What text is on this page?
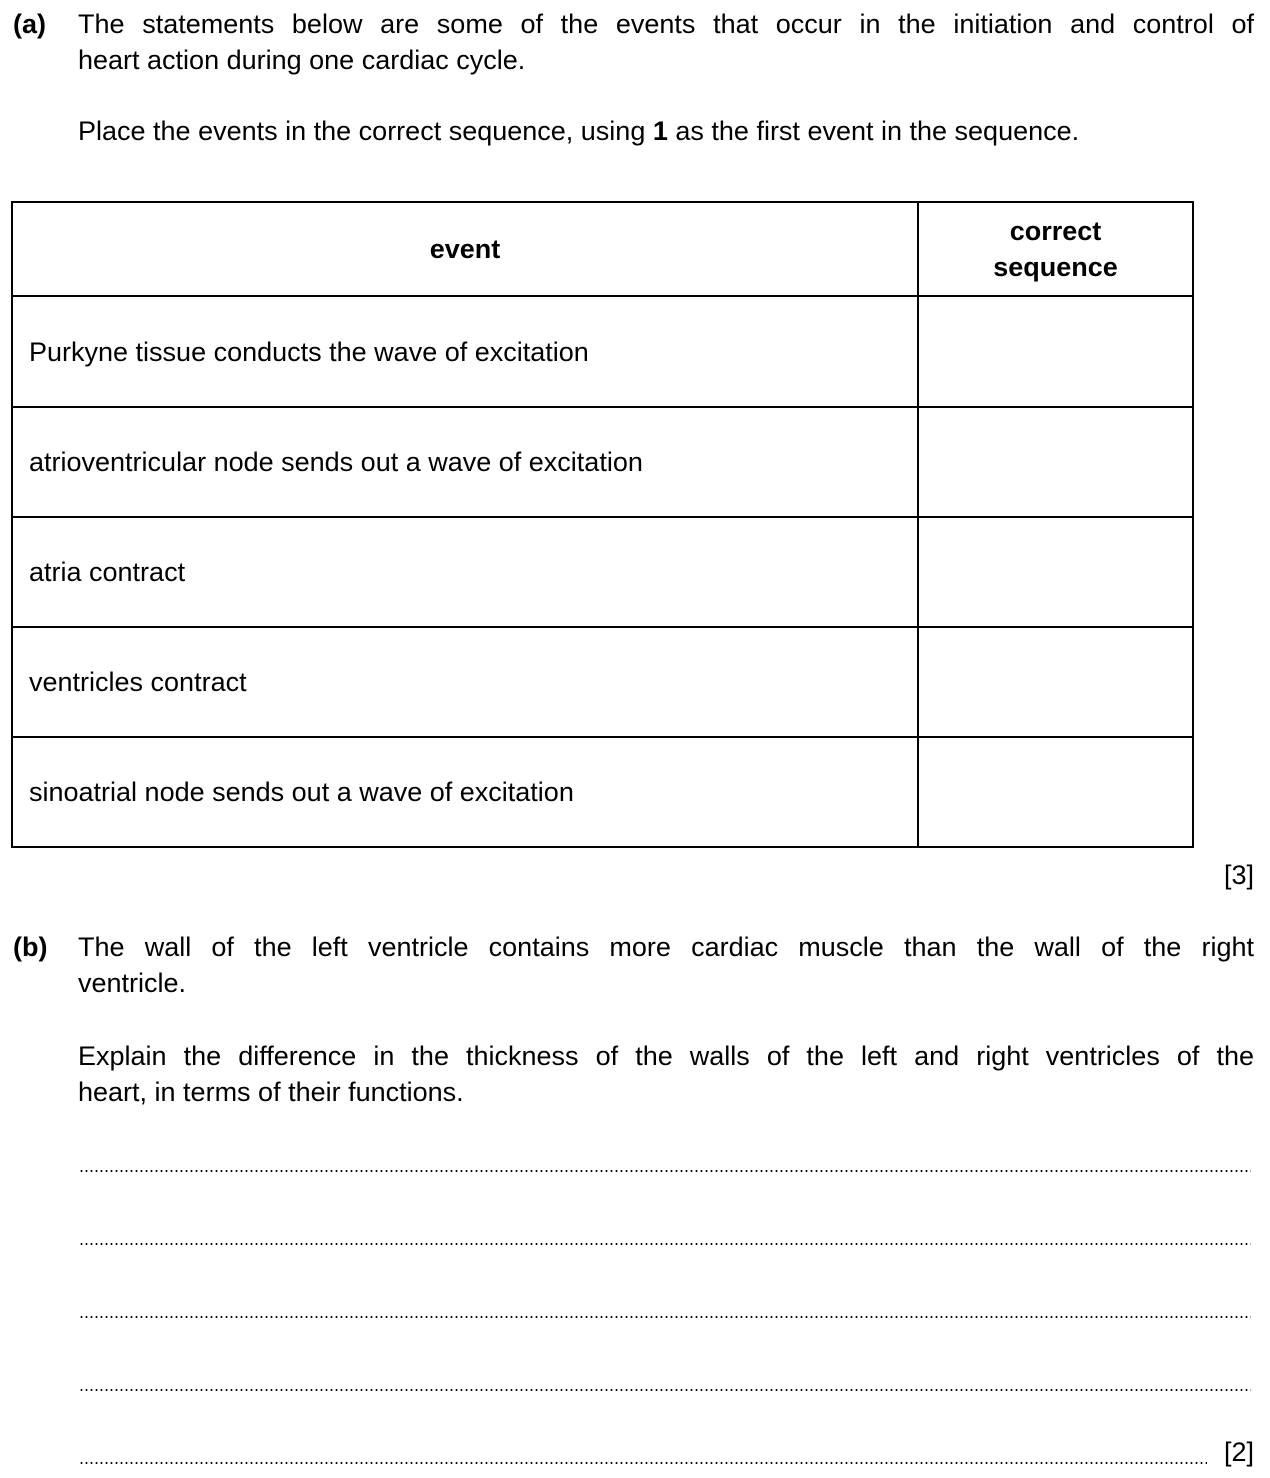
(a) The statements below are some of the events that occur in the initiation and control of
heart action during one cardiac cycle.
Place the events in the correct sequence, using 1 as the first event in the sequence.
event	correct
sequence

Purkyne tissue conducts the wave of excitation	
atrioventricular node sends out a wave of excitation	
atria contract	
ventricles contract	
sinoatrial node sends out a wave of excitation	
[3]
(b) The wall of the left ventricle contains more cardiac muscle than the wall of the right
ventricle.
Explain the difference in the thickness of the walls of the left and right ventricles of the
heart, in terms of their functions.
[2]
